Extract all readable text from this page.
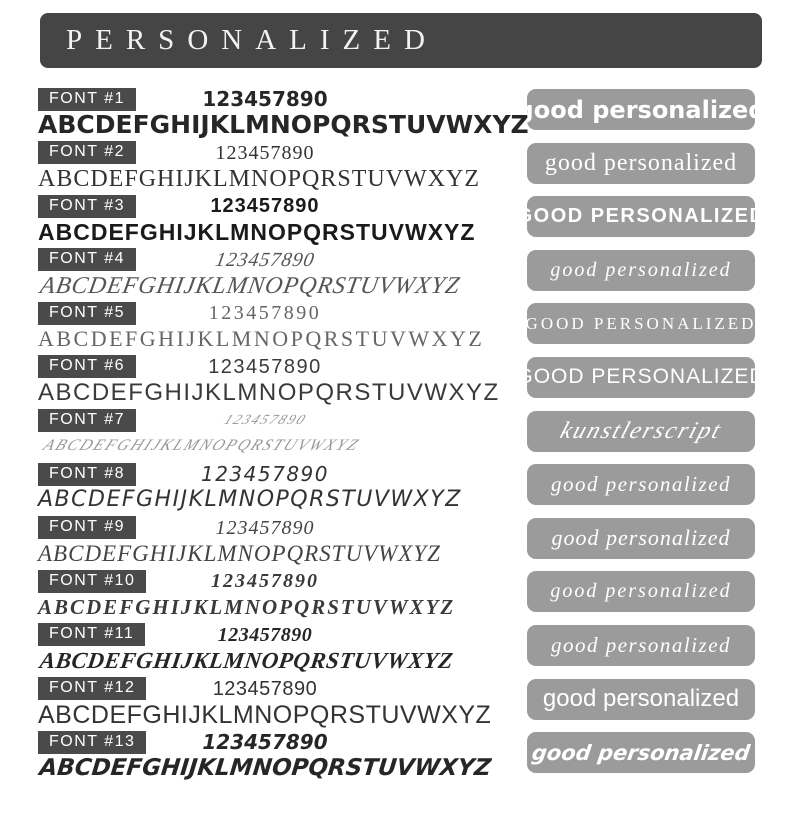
PERSONALIZED
FONT #1	123457890
ABCDEFGHIJKLMNOPQRSTUVWXYZ
good personalized
FONT #2	123457890
ABCDEFGHIJKLMNOPQRSTUVWXYZ
good personalized
FONT #3	123457890
ABCDEFGHIJKLMNOPQRSTUVWXYZ
GOOD PERSONALIZED
FONT #4	123457890
ABCDEFGHIJKLMNOPQRSTUVWXYZ
good personalized
FONT #5	123457890
ABCDEFGHIJKLMNOPQRSTUVWXYZ
GOOD PERSONALIZED
FONT #6	123457890
ABCDEFGHIJKLMNOPQRSTUVWXYZ
GOOD PERSONALIZED
FONT #7	123457890
ABCDEFGHIJKLMNOPQRSTUVWXYZ
kunstlerscript
FONT #8	123457890
ABCDEFGHIJKLMNOPQRSTUVWXYZ
good personalized
FONT #9	123457890
ABCDEFGHIJKLMNOPQRSTUVWXYZ
good personalized
FONT #10	123457890
ABCDEFGHIJKLMNOPQRSTUVWXYZ
good personalized
FONT #11	123457890
ABCDEFGHIJKLMNOPQRSTUVWXYZ
good personalized
FONT #12	123457890
ABCDEFGHIJKLMNOPQRSTUVWXYZ
good personalized
FONT #13	123457890
ABCDEFGHIJKLMNOPQRSTUVWXYZ
good personalized
